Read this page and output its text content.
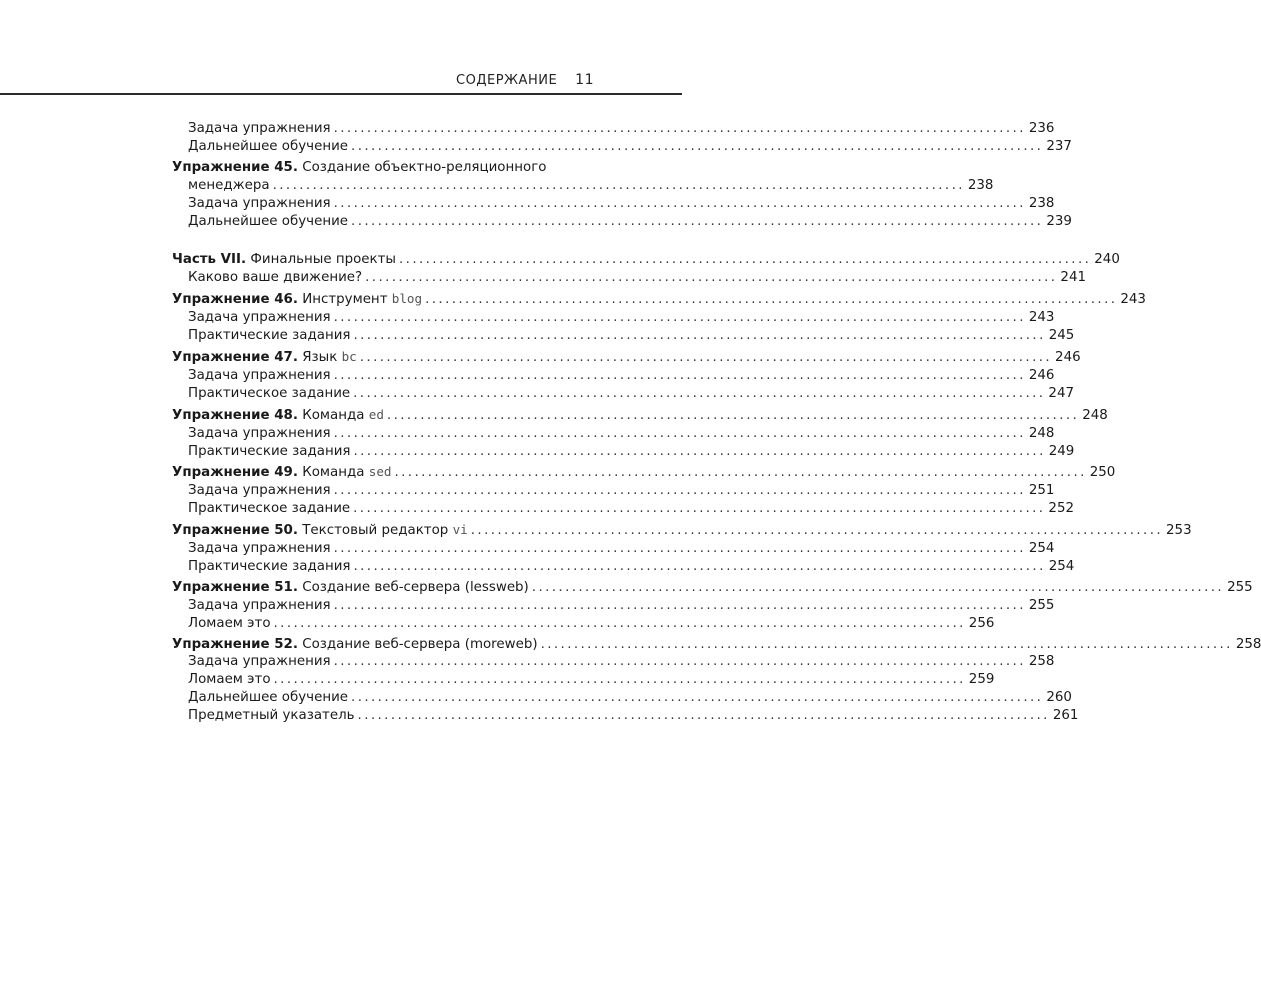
СОДЕРЖАНИЕ 11
Задача упражнения ........................................................................................................ 236
Дальнейшее обучение ........................................................................................................ 237
Упражнение 45. Создание объектно-реляционного
менеджера ........................................................................................................ 238
Задача упражнения ........................................................................................................ 238
Дальнейшее обучение ........................................................................................................ 239
Часть VII. Финальные проекты ........................................................................................................ 240
Каково ваше движение? ........................................................................................................ 241
Упражнение 46. Инструмент blog ........................................................................................................ 243
Задача упражнения ........................................................................................................ 243
Практические задания ........................................................................................................ 245
Упражнение 47. Язык bc ........................................................................................................ 246
Задача упражнения ........................................................................................................ 246
Практическое задание ........................................................................................................ 247
Упражнение 48. Команда ed ........................................................................................................ 248
Задача упражнения ........................................................................................................ 248
Практические задания ........................................................................................................ 249
Упражнение 49. Команда sed ........................................................................................................ 250
Задача упражнения ........................................................................................................ 251
Практическое задание ........................................................................................................ 252
Упражнение 50. Текстовый редактор vi ........................................................................................................ 253
Задача упражнения ........................................................................................................ 254
Практические задания ........................................................................................................ 254
Упражнение 51. Создание веб-сервера (lessweb) ........................................................................................................ 255
Задача упражнения ........................................................................................................ 255
Ломаем это ........................................................................................................ 256
Упражнение 52. Создание веб-сервера (moreweb) ........................................................................................................ 258
Задача упражнения ........................................................................................................ 258
Ломаем это ........................................................................................................ 259
Дальнейшее обучение ........................................................................................................ 260
Предметный указатель ........................................................................................................ 261
